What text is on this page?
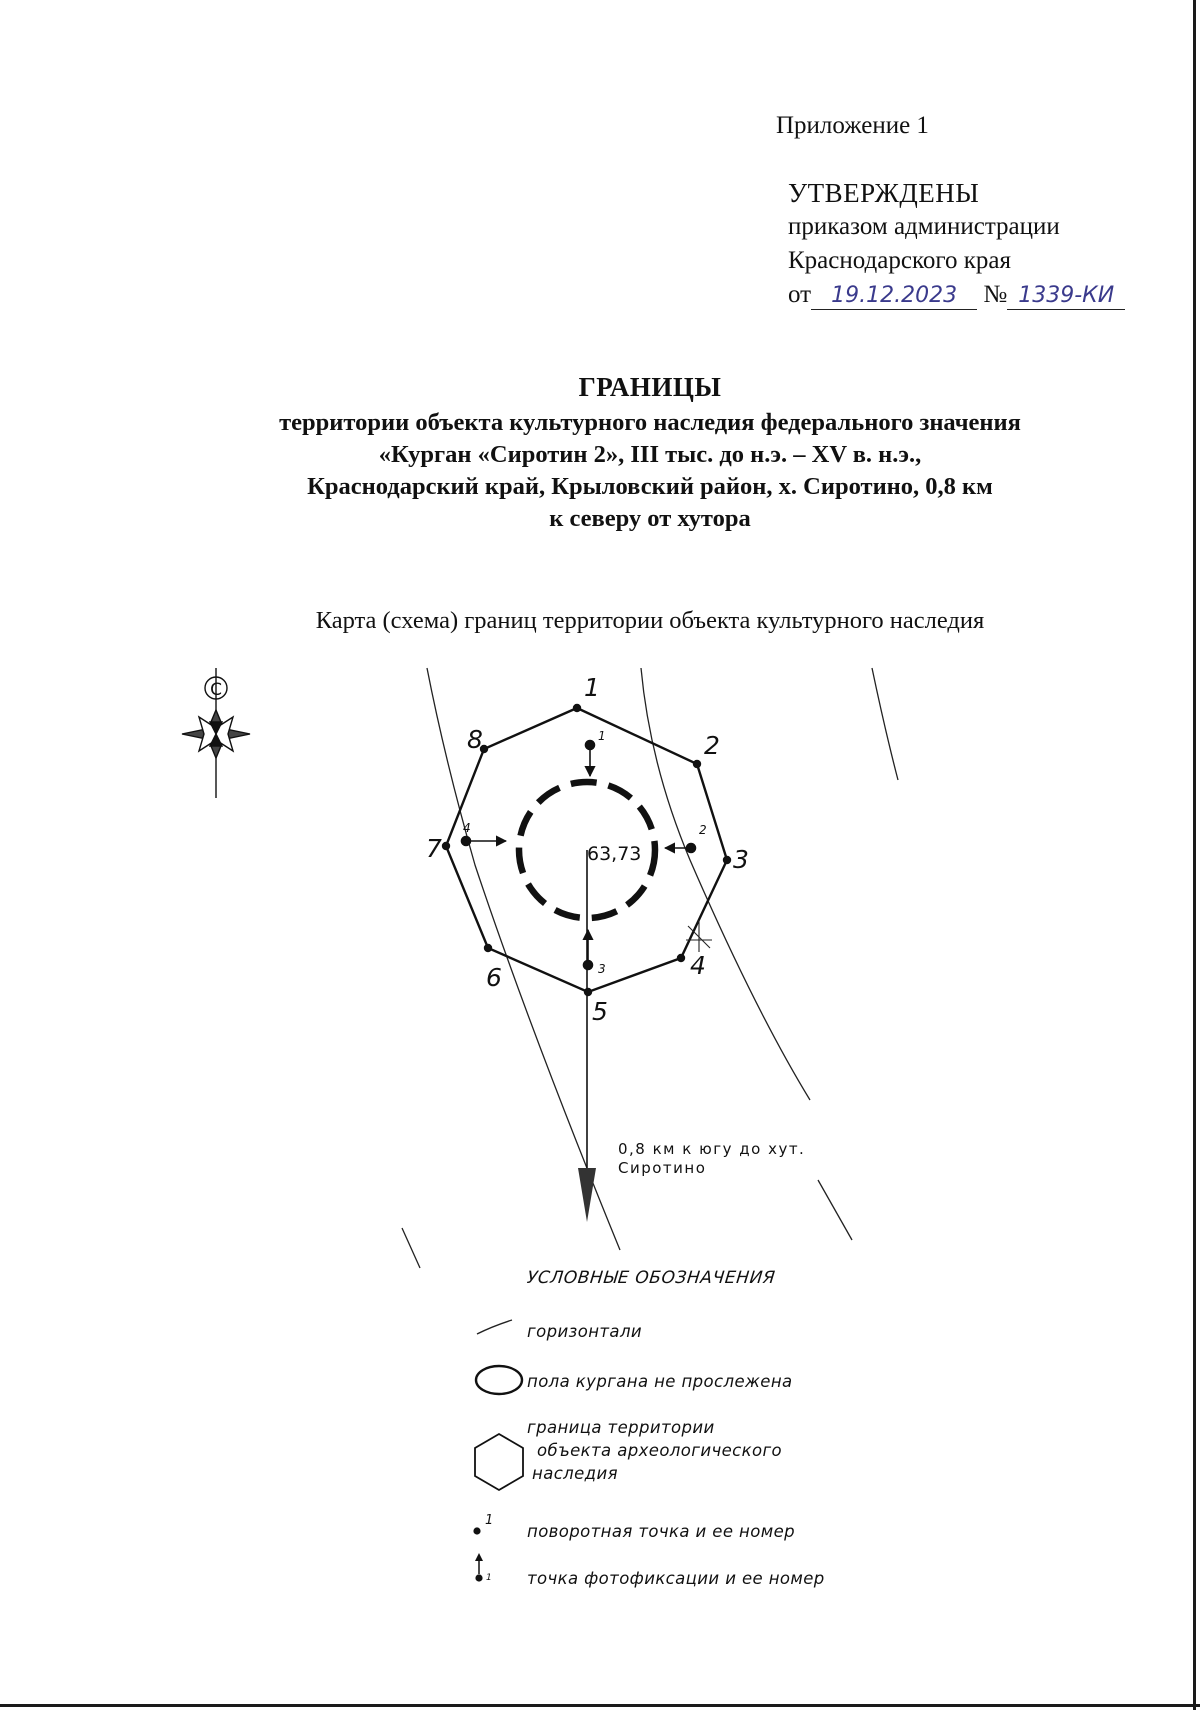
Приложение 1
УТВЕРЖДЕНЫ
приказом администрации
Краснодарского края
от 19.12.2023 № 1339-КИ
ГРАНИЦЫ
территории объекта культурного наследия федерального значения
«Курган «Сиротин 2», III тыс. до н.э. – XV в. н.э.,
Краснодарский край, Крыловский район, х. Сиротино, 0,8 км
к северу от хутора
Карта (схема) границ территории объекта культурного наследия
С
63,73
0,8 км к югу до хут.
Сиротино
1
2
3
4
1
2
3
4
5
6
7
8
УСЛОВНЫЕ ОБОЗНАЧЕНИЯ
1
1
горизонтали
пола кургана не прослежена
граница территории
объекта археологического
наследия
поворотная точка и ее номер
точка фотофиксации и ее номер
